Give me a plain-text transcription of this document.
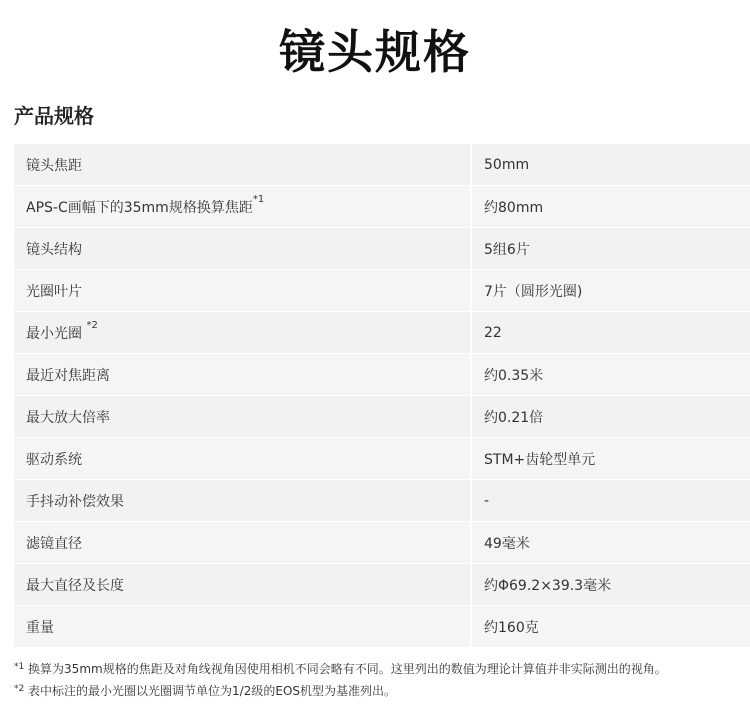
镜头规格
产品规格
镜头焦距	50mm
APS-C画幅下的35mm规格换算焦距$^{*1}$	约80mm
镜头结构	5组6片
光圈叶片	7片（圆形光圈)
最小光圈 $^{*2}$	22
最近对焦距离	约0.35米
最大放大倍率	约0.21倍
驱动系统	STM+齿轮型单元
手抖动补偿效果	-
滤镜直径	49毫米
最大直径及长度	约Φ69.2×39.3毫米
重量	约160克
$^{*1}$ 换算为35mm规格的焦距及对角线视角因使用相机不同会略有不同。这里列出的数值为理论计算值并非实际测出的视角。
$^{*2}$ 表中标注的最小光圈以光圈调节单位为1/2级的EOS机型为基准列出。
